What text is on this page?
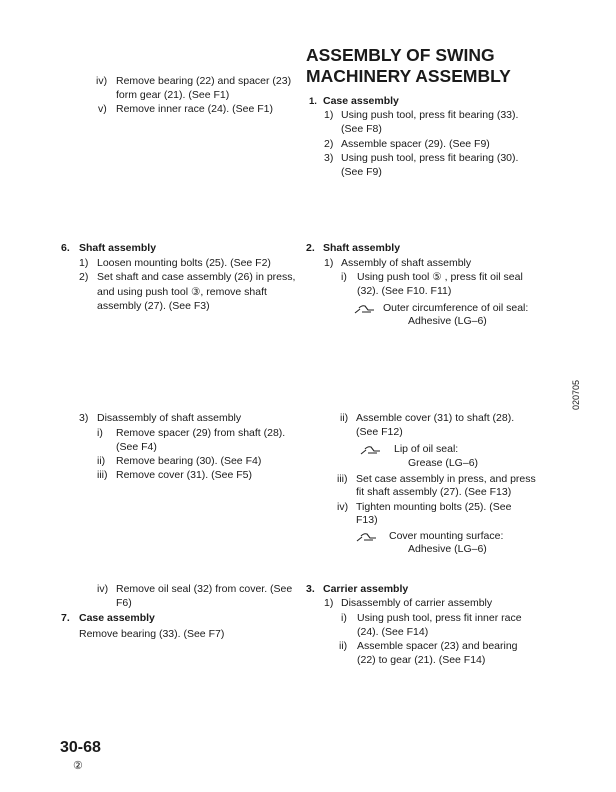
ASSEMBLY OF SWING
MACHINERY ASSEMBLY
iv) Remove bearing (22) and spacer (23)
form gear (21). (See F1)
v) Remove inner race (24). (See F1)
1. Case assembly
1) Using push tool, press fit bearing (33).
(See F8)
2) Assemble spacer (29). (See F9)
3) Using push tool, press fit bearing (30).
(See F9)
6. Shaft assembly
1) Loosen mounting bolts (25). (See F2)
2) Set shaft and case assembly (26) in press,
and using push tool ③, remove shaft
assembly (27). (See F3)
3) Disassembly of shaft assembly
i) Remove spacer (29) from shaft (28).
(See F4)
ii) Remove bearing (30). (See F4)
iii) Remove cover (31). (See F5)
iv) Remove oil seal (32) from cover. (See
F6)
7. Case assembly
Remove bearing (33). (See F7)
2. Shaft assembly
1) Assembly of shaft assembly
i) Using push tool ⑤ , press fit oil seal
(32). (See F10. F11)
Outer circumference of oil seal:
Adhesive (LG–6)
ii) Assemble cover (31) to shaft (28).
(See F12)
Lip of oil seal:
Grease (LG–6)
iii) Set case assembly in press, and press
fit shaft assembly (27). (See F13)
iv) Tighten mounting bolts (25). (See
F13)
Cover mounting surface:
Adhesive (LG–6)
3. Carrier assembly
1) Disassembly of carrier assembly
i) Using push tool, press fit inner race
(24). (See F14)
ii) Assemble spacer (23) and bearing
(22) to gear (21). (See F14)
020705
30-68
②
